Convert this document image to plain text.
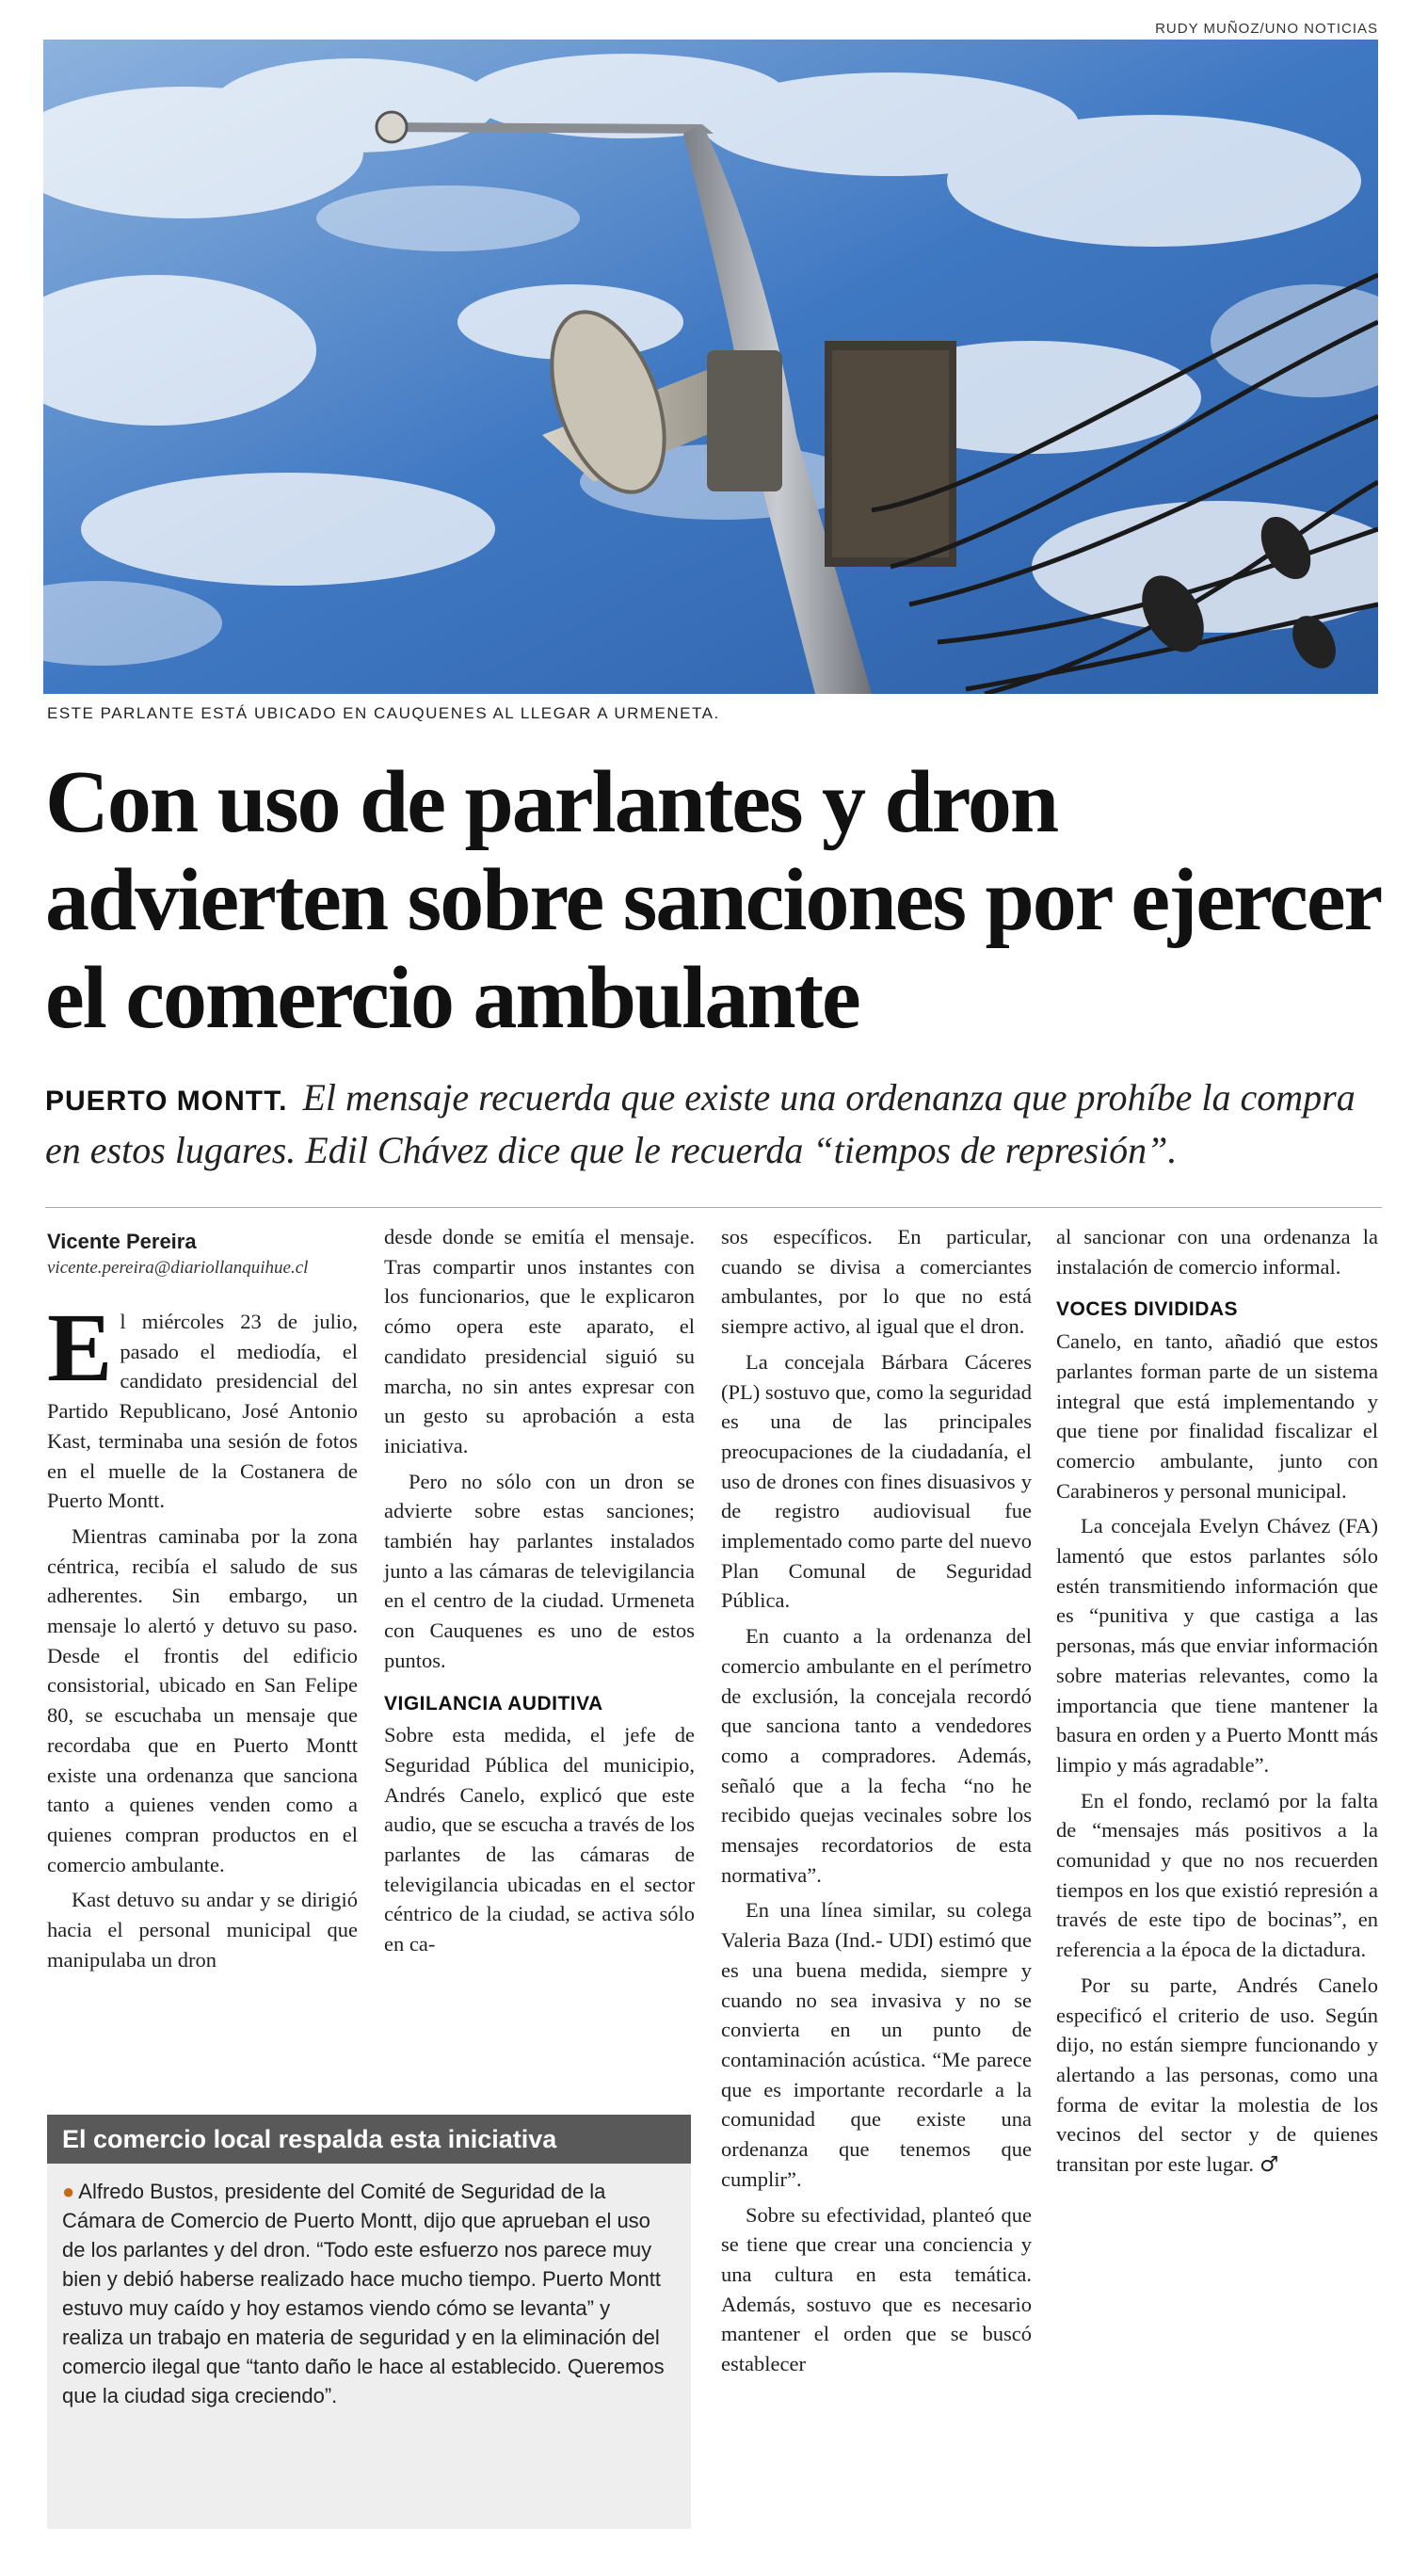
RUDY MUÑOZ/UNO NOTICIAS
ESTE PARLANTE ESTÁ UBICADO EN CAUQUENES AL LLEGAR A URMENETA.
Con uso de parlantes y dron advierten sobre sanciones por ejercer el comercio ambulante

PUERTO MONTT. El mensaje recuerda que existe una ordenanza que prohíbe la compra en estos lugares. Edil Chávez dice que le recuerda “tiempos de represión”.

Vicente Pereira
vicente.pereira@diariollanquihue.cl

El miércoles 23 de julio, pasado el mediodía, el candidato presidencial del Partido Republicano, José Antonio Kast, terminaba una sesión de fotos en el muelle de la Costanera de Puerto Montt.

Mientras caminaba por la zona céntrica, recibía el saludo de sus adherentes. Sin embargo, un mensaje lo alertó y detuvo su paso. Desde el frontis del edificio consistorial, ubicado en San Felipe 80, se escuchaba un mensaje que recordaba que en Puerto Montt existe una ordenanza que sanciona tanto a quienes venden como a quienes compran productos en el comercio ambulante.

Kast detuvo su andar y se dirigió hacia el personal municipal que manipulaba un dron

desde donde se emitía el mensaje. Tras compartir unos instantes con los funcionarios, que le explicaron cómo opera este aparato, el candidato presidencial siguió su marcha, no sin antes expresar con un gesto su aprobación a esta iniciativa.

Pero no sólo con un dron se advierte sobre estas sanciones; también hay parlantes instalados junto a las cámaras de televigilancia en el centro de la ciudad. Urmeneta con Cauquenes es uno de estos puntos.

VIGILANCIA AUDITIVA

Sobre esta medida, el jefe de Seguridad Pública del municipio, Andrés Canelo, explicó que este audio, que se escucha a través de los parlantes de las cámaras de televigilancia ubicadas en el sector céntrico de la ciudad, se activa sólo en ca-

sos específicos. En particular, cuando se divisa a comerciantes ambulantes, por lo que no está siempre activo, al igual que el dron.

La concejala Bárbara Cáceres (PL) sostuvo que, como la seguridad es una de las principales preocupaciones de la ciudadanía, el uso de drones con fines disuasivos y de registro audiovisual fue implementado como parte del nuevo Plan Comunal de Seguridad Pública.

En cuanto a la ordenanza del comercio ambulante en el perímetro de exclusión, la concejala recordó que sanciona tanto a vendedores como a compradores. Además, señaló que a la fecha “no he recibido quejas vecinales sobre los mensajes recordatorios de esta normativa”.

En una línea similar, su colega Valeria Baza (Ind.- UDI) estimó que es una buena medida, siempre y cuando no sea invasiva y no se convierta en un punto de contaminación acústica. “Me parece que es importante recordarle a la comunidad que existe una ordenanza que tenemos que cumplir”.

Sobre su efectividad, planteó que se tiene que crear una conciencia y una cultura en esta temática. Además, sostuvo que es necesario mantener el orden que se buscó establecer

al sancionar con una ordenanza la instalación de comercio informal.

VOCES DIVIDIDAS

Canelo, en tanto, añadió que estos parlantes forman parte de un sistema integral que está implementando y que tiene por finalidad fiscalizar el comercio ambulante, junto con Carabineros y personal municipal.

La concejala Evelyn Chávez (FA) lamentó que estos parlantes sólo estén transmitiendo información que es “punitiva y que castiga a las personas, más que enviar información sobre materias relevantes, como la importancia que tiene mantener la basura en orden y a Puerto Montt más limpio y más agradable”.

En el fondo, reclamó por la falta de “mensajes más positivos a la comunidad y que no nos recuerden tiempos en los que existió represión a través de este tipo de bocinas”, en referencia a la época de la dictadura.

Por su parte, Andrés Canelo especificó el criterio de uso. Según dijo, no están siempre funcionando y alertando a las personas, como una forma de evitar la molestia de los vecinos del sector y de quienes transitan por este lugar. ♂

El comercio local respalda esta iniciativa

● Alfredo Bustos, presidente del Comité de Seguridad de la Cámara de Comercio de Puerto Montt, dijo que aprueban el uso de los parlantes y del dron. “Todo este esfuerzo nos parece muy bien y debió haberse realizado hace mucho tiempo. Puerto Montt estuvo muy caído y hoy estamos viendo cómo se levanta” y realiza un trabajo en materia de seguridad y en la eliminación del comercio ilegal que “tanto daño le hace al establecido. Queremos que la ciudad siga creciendo”.
